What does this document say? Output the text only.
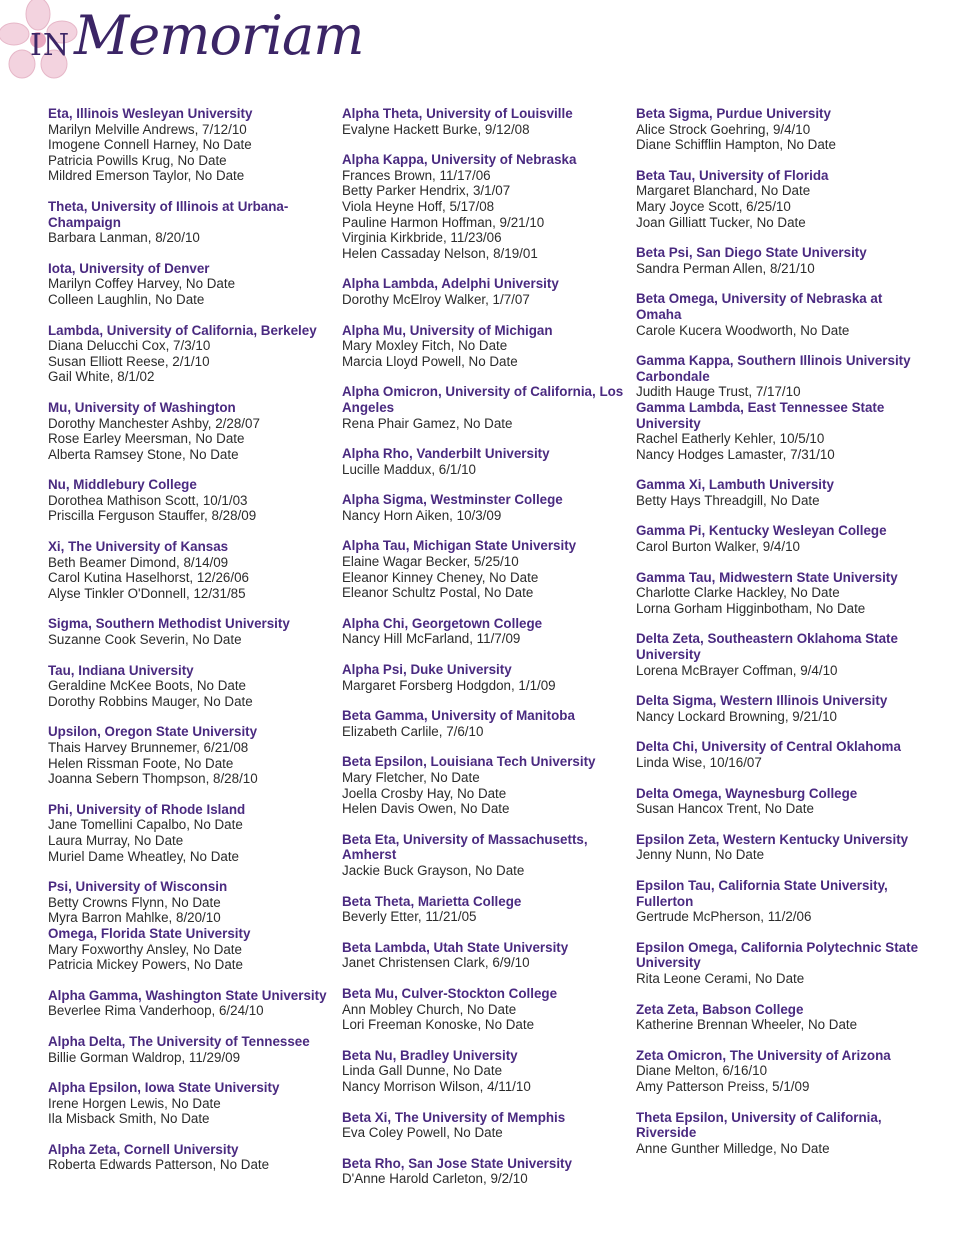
IN Memoriam
Eta, Illinois Wesleyan University
Marilyn Melville Andrews, 7/12/10
Imogene Connell Harney, No Date
Patricia Powills Krug, No Date
Mildred Emerson Taylor, No Date
Theta, University of Illinois at Urbana-Champaign
Barbara Lanman, 8/20/10
Iota, University of Denver
Marilyn Coffey Harvey, No Date
Colleen Laughlin, No Date
Lambda, University of California, Berkeley
Diana Delucchi Cox, 7/3/10
Susan Elliott Reese, 2/1/10
Gail White, 8/1/02
Mu, University of Washington
Dorothy Manchester Ashby, 2/28/07
Rose Earley Meersman, No Date
Alberta Ramsey Stone, No Date
Nu, Middlebury College
Dorothea Mathison Scott, 10/1/03
Priscilla Ferguson Stauffer, 8/28/09
Xi, The University of Kansas
Beth Beamer Dimond, 8/14/09
Carol Kutina Haselhorst, 12/26/06
Alyse Tinkler O'Donnell, 12/31/85
Sigma, Southern Methodist University
Suzanne Cook Severin, No Date
Tau, Indiana University
Geraldine McKee Boots, No Date
Dorothy Robbins Mauger, No Date
Upsilon, Oregon State University
Thais Harvey Brunnemer, 6/21/08
Helen Rissman Foote, No Date
Joanna Sebern Thompson, 8/28/10
Phi, University of Rhode Island
Jane Tomellini Capalbo, No Date
Laura Murray, No Date
Muriel Dame Wheatley, No Date
Psi, University of Wisconsin
Betty Crowns Flynn, No Date
Myra Barron Mahlke, 8/20/10
Omega, Florida State University
Mary Foxworthy Ansley, No Date
Patricia Mickey Powers, No Date
Alpha Gamma, Washington State University
Beverlee Rima Vanderhoop, 6/24/10
Alpha Delta, The University of Tennessee
Billie Gorman Waldrop, 11/29/09
Alpha Epsilon, Iowa State University
Irene Horgen Lewis, No Date
Ila Misback Smith, No Date
Alpha Zeta, Cornell University
Roberta Edwards Patterson, No Date
Alpha Theta, University of Louisville
Evalyne Hackett Burke, 9/12/08
Alpha Kappa, University of Nebraska
Frances Brown, 11/17/06
Betty Parker Hendrix, 3/1/07
Viola Heyne Hoff, 5/17/08
Pauline Harmon Hoffman, 9/21/10
Virginia Kirkbride, 11/23/06
Helen Cassaday Nelson, 8/19/01
Alpha Lambda, Adelphi University
Dorothy McElroy Walker, 1/7/07
Alpha Mu, University of Michigan
Mary Moxley Fitch, No Date
Marcia Lloyd Powell, No Date
Alpha Omicron, University of California, Los Angeles
Rena Phair Gamez, No Date
Alpha Rho, Vanderbilt University
Lucille Maddux, 6/1/10
Alpha Sigma, Westminster College
Nancy Horn Aiken, 10/3/09
Alpha Tau, Michigan State University
Elaine Wagar Becker, 5/25/10
Eleanor Kinney Cheney, No Date
Eleanor Schultz Postal, No Date
Alpha Chi, Georgetown College
Nancy Hill McFarland, 11/7/09
Alpha Psi, Duke University
Margaret Forsberg Hodgdon, 1/1/09
Beta Gamma, University of Manitoba
Elizabeth Carlile, 7/6/10
Beta Epsilon, Louisiana Tech University
Mary Fletcher, No Date
Joella Crosby Hay, No Date
Helen Davis Owen, No Date
Beta Eta, University of Massachusetts, Amherst
Jackie Buck Grayson, No Date
Beta Theta, Marietta College
Beverly Etter, 11/21/05
Beta Lambda, Utah State University
Janet Christensen Clark, 6/9/10
Beta Mu, Culver-Stockton College
Ann Mobley Church, No Date
Lori Freeman Konoske, No Date
Beta Nu, Bradley University
Linda Gall Dunne, No Date
Nancy Morrison Wilson, 4/11/10
Beta Xi, The University of Memphis
Eva Coley Powell, No Date
Beta Rho, San Jose State University
D'Anne Harold Carleton, 9/2/10
Beta Sigma, Purdue University
Alice Strock Goehring, 9/4/10
Diane Schifflin Hampton, No Date
Beta Tau, University of Florida
Margaret Blanchard, No Date
Mary Joyce Scott, 6/25/10
Joan Gilliatt Tucker, No Date
Beta Psi, San Diego State University
Sandra Perman Allen, 8/21/10
Beta Omega, University of Nebraska at Omaha
Carole Kucera Woodworth, No Date
Gamma Kappa, Southern Illinois University Carbondale
Judith Hauge Trust, 7/17/10
Gamma Lambda, East Tennessee State University
Rachel Eatherly Kehler, 10/5/10
Nancy Hodges Lamaster, 7/31/10
Gamma Xi, Lambuth University
Betty Hays Threadgill, No Date
Gamma Pi, Kentucky Wesleyan College
Carol Burton Walker, 9/4/10
Gamma Tau, Midwestern State University
Charlotte Clarke Hackley, No Date
Lorna Gorham Higginbotham, No Date
Delta Zeta, Southeastern Oklahoma State University
Lorena McBrayer Coffman, 9/4/10
Delta Sigma, Western Illinois University
Nancy Lockard Browning, 9/21/10
Delta Chi, University of Central Oklahoma
Linda Wise, 10/16/07
Delta Omega, Waynesburg College
Susan Hancox Trent, No Date
Epsilon Zeta, Western Kentucky University
Jenny Nunn, No Date
Epsilon Tau, California State University, Fullerton
Gertrude McPherson, 11/2/06
Epsilon Omega, California Polytechnic State University
Rita Leone Cerami, No Date
Zeta Zeta, Babson College
Katherine Brennan Wheeler, No Date
Zeta Omicron, The University of Arizona
Diane Melton, 6/16/10
Amy Patterson Preiss, 5/1/09
Theta Epsilon, University of California, Riverside
Anne Gunther Milledge, No Date
